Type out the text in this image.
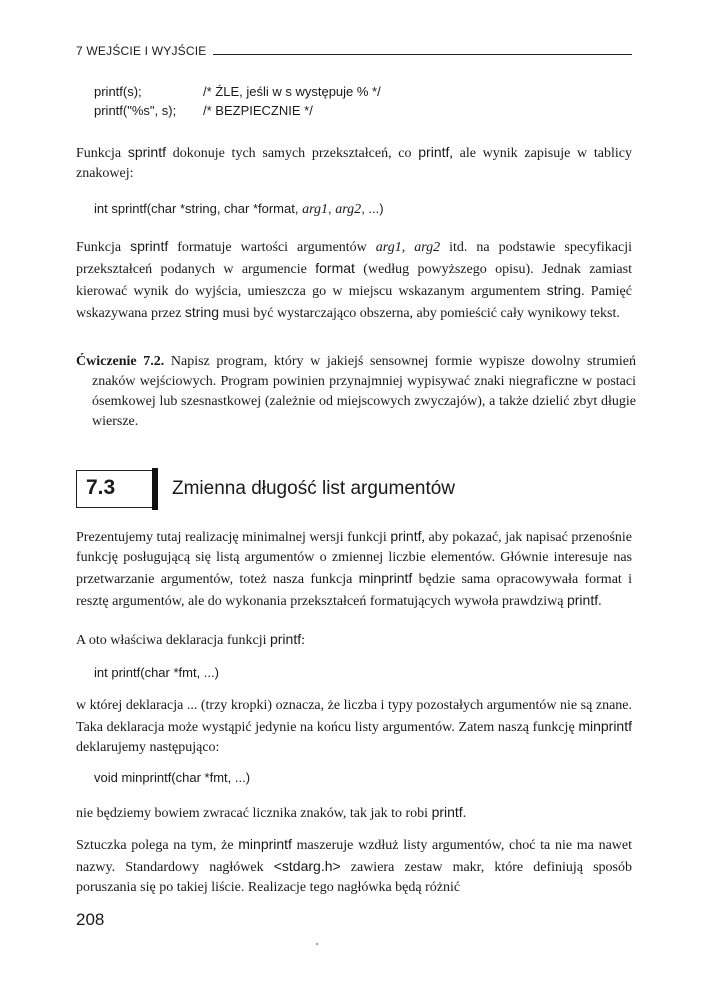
7 WEJŚCIE I WYJŚCIE
printf(s);	/* ŹLE, jeśli w s występuje % */
printf("%s", s); /* BEZPIECZNIE */
Funkcja sprintf dokonuje tych samych przekształceń, co printf, ale wynik zapisuje w tablicy znakowej:
int sprintf(char *string, char *format, arg1, arg2, ...)
Funkcja sprintf formatuje wartości argumentów arg1, arg2 itd. na podstawie specyfikacji przekształceń podanych w argumencie format (według powyższego opisu). Jednak zamiast kierować wynik do wyjścia, umieszcza go w miejscu wskazanym argumentem string. Pamięć wskazywana przez string musi być wystarczająco obszerna, aby pomieścić cały wynikowy tekst.
Ćwiczenie 7.2. Napisz program, który w jakiejś sensownej formie wypisze dowolny strumień znaków wejściowych. Program powinien przynajmniej wypisywać znaki niegraficzne w postaci ósemkowej lub szesnastkowej (zależnie od miejscowych zwyczajów), a także dzielić zbyt długie wiersze.
7.3	Zmienna długość list argumentów
Prezentujemy tutaj realizację minimalnej wersji funkcji printf, aby pokazać, jak napisać przenośnie funkcję posługującą się listą argumentów o zmiennej liczbie elementów. Głównie interesuje nas przetwarzanie argumentów, toteż nasza funkcja minprintf będzie sama opracowywała format i resztę argumentów, ale do wykonania przekształceń formatujących wywoła prawdziwą printf.
A oto właściwa deklaracja funkcji printf:
int printf(char *fmt, ...)
w której deklaracja ... (trzy kropki) oznacza, że liczba i typy pozostałych argumentów nie są znane. Taka deklaracja może wystąpić jedynie na końcu listy argumentów. Zatem naszą funkcję minprintf deklarujemy następująco:
void minprintf(char *fmt, ...)
nie będziemy bowiem zwracać licznika znaków, tak jak to robi printf.
Sztuczka polega na tym, że minprintf maszeruje wzdłuż listy argumentów, choć ta nie ma nawet nazwy. Standardowy nagłówek <stdarg.h> zawiera zestaw makr, które definiują sposób poruszania się po takiej liście. Realizacje tego nagłówka będą różnić
208
